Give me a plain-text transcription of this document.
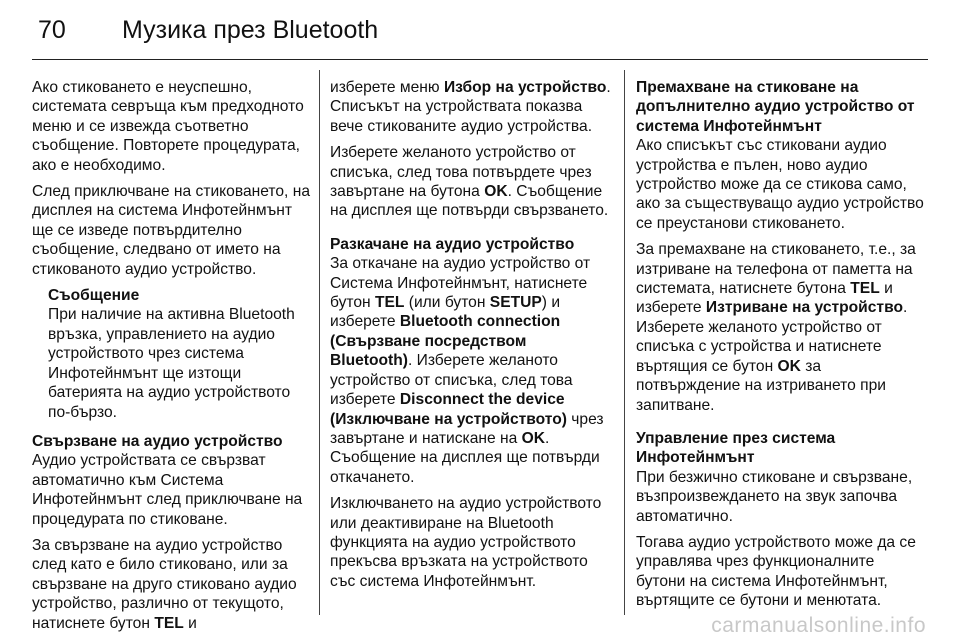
70 Музика през Bluetooth

Ако стиковането е неуспешно, системата севръща към предходното меню и се извежда съответно съобщение. Повторете процедурата, ако е необходимо.

След приключване на стиковането, на дисплея на система Инфотейнмънт ще се изведе потвърдително съобщение, следвано от името на стикованото аудио устройство.

Съобщение
При наличие на активна Bluetooth връзка, управлението на аудио устройството чрез система Инфотейнмънт ще изтощи батерията на аудио устройството по-бързо.
Свързване на аудио устройство

Аудио устройствата се свързват автоматично към Система Инфотейнмънт след приключване на процедурата по стиковане.

За свързване на аудио устройство след като е било стиковано, или за свързване на друго стиковано аудио устройство, различно от текущото, натиснете бутон TEL и

изберете меню Избор на устройство. Списъкът на устройствата показва вече стикованите аудио устройства.

Изберете желаното устройство от списъка, след това потвърдете чрез завъртане на бутона OK. Съобщение на дисплея ще потвърди свързването.

Разкачане на аудио устройство

За откачане на аудио устройство от Система Инфотейнмънт, натиснете бутон TEL (или бутон SETUP) и изберете Bluetooth connection (Свързване посредством Bluetooth). Изберете желаното устройство от списъка, след това изберете Disconnect the device (Изключване на устройството) чрез завъртане и натискане на OK. Съобщение на дисплея ще потвърди откачането.

Изключването на аудио устройството или деактивиране на Bluetooth функцията на аудио устройството прекъсва връзката на устройството със система Инфотейнмънт.

Премахване на стиковане на допълнително аудио устройство от система Инфотейнмънт

Ако списъкът със стиковани аудио устройства е пълен, ново аудио устройство може да се стикова само, ако за съществуващо аудио устройство се преустанови стиковането.

За премахване на стиковането, т.е., за изтриване на телефона от паметта на системата, натиснете бутона TEL и изберете Изтриване на устройство. Изберете желаното устройство от списъка с устройства и натиснете въртящия се бутон OK за потвърждение на изтриването при запитване.

Управление през система Инфотейнмънт

При безжично стиковане и свързване, възпроизвеждането на звук започва автоматично.

Тогава аудио устройството може да се управлява чрез функционалните бутони на система Инфотейнмънт, въртящите се бутони и менютата.

carmanualsonline.info
